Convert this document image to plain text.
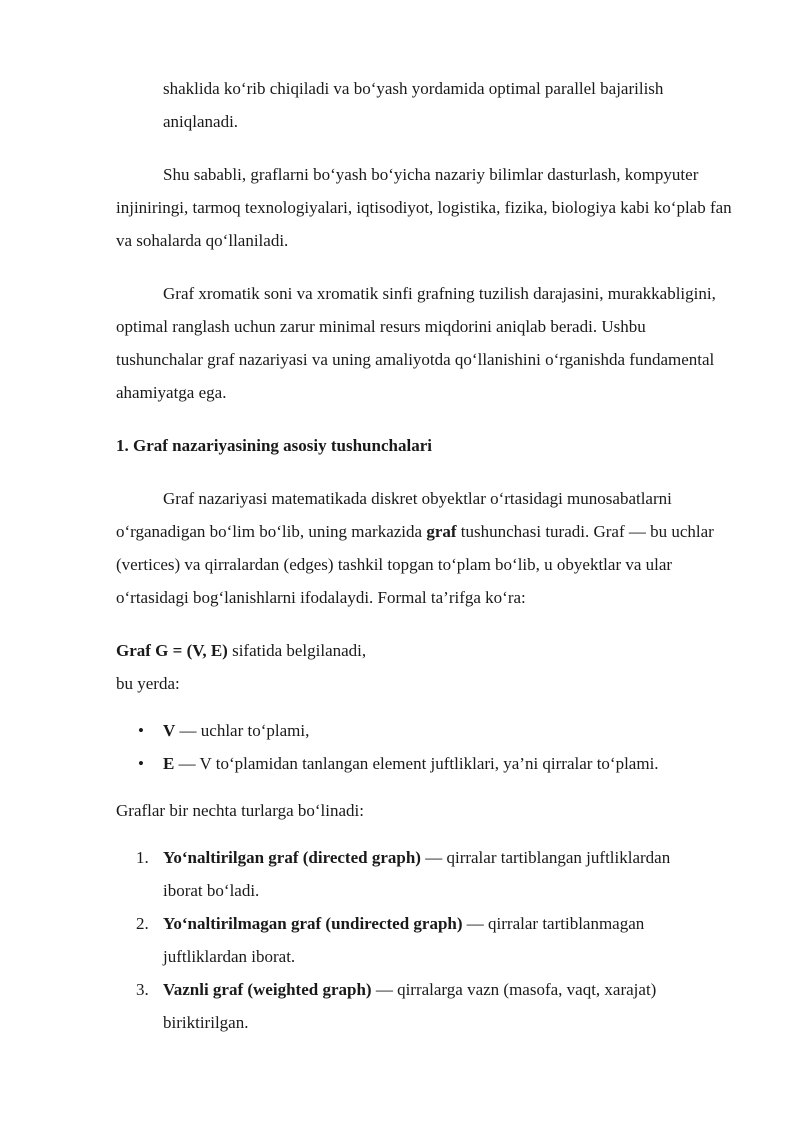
shaklida koʻrib chiqiladi va boʻyash yordamida optimal parallel bajarilish

aniqlanadi.

Shu sababli, graflarni boʻyash boʻyicha nazariy bilimlar dasturlash, kompyuter injiniringi, tarmoq texnologiyalari, iqtisodiyot, logistika, fizika, biologiya kabi koʻplab fan va sohalarda qoʻllaniladi.

Graf xromatik soni va xromatik sinfi grafning tuzilish darajasini, murakkabligini, optimal ranglash uchun zarur minimal resurs miqdorini aniqlab beradi. Ushbu tushunchalar graf nazariyasi va uning amaliyotda qoʻllanishini oʻrganishda fundamental ahamiyatga ega.

1. Graf nazariyasining asosiy tushunchalari

Graf nazariyasi matematikada diskret obyektlar oʻrtasidagi munosabatlarni oʻrganadigan boʻlim boʻlib, uning markazida graf tushunchasi turadi. Graf — bu uchlar (vertices) va qirralardan (edges) tashkil topgan toʻplam boʻlib, u obyektlar va ular oʻrtasidagi bogʻlanishlarni ifodalaydi. Formal ta’rifga koʻra:

Graf G = (V, E) sifatida belgilanadi,

bu yerda:

• V — uchlar toʻplami,
• E — V toʻplamidan tanlangan element juftliklari, ya’ni qirralar toʻplami.

Graflar bir nechta turlarga boʻlinadi:

1. Yoʻnaltirilgan graf (directed graph) — qirralar tartiblangan juftliklardan
iborat boʻladi.
2. Yoʻnaltirilmagan graf (undirected graph) — qirralar tartiblanmagan
juftliklardan iborat.
3. Vaznli graf (weighted graph) — qirralarga vazn (masofa, vaqt, xarajat)
biriktirilgan.
